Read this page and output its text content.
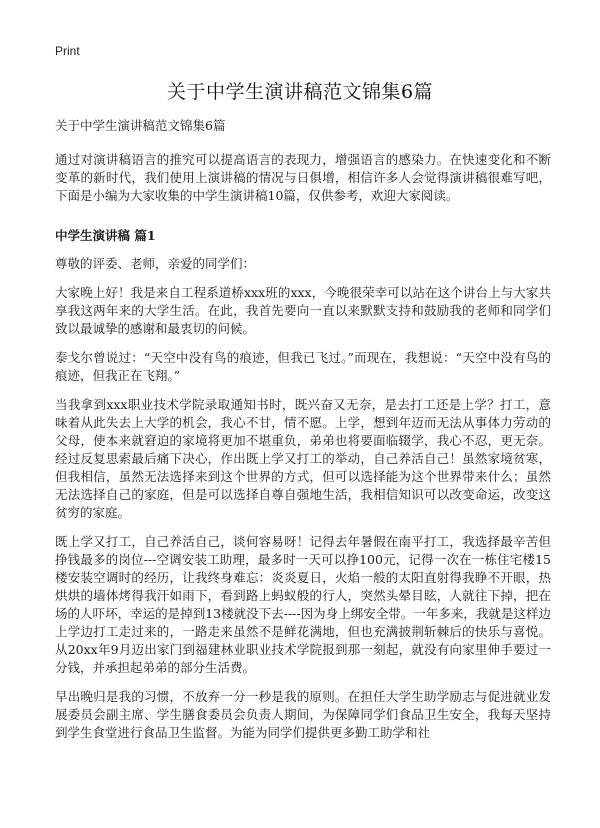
Print
关于中学生演讲稿范文锦集6篇

关于中学生演讲稿范文锦集6篇

通过对演讲稿语言的推究可以提高语言的表现力，增强语言的感染力。在快速变化和不断变革的新时代，我们使用上演讲稿的情况与日俱增，相信许多人会觉得演讲稿很难写吧，下面是小编为大家收集的中学生演讲稿10篇，仅供参考，欢迎大家阅读。

中学生演讲稿 篇1

尊敬的评委、老师，亲爱的同学们：

大家晚上好！我是来自工程系道桥xxx班的xxx，今晚很荣幸可以站在这个讲台上与大家共享我这两年来的大学生活。在此，我首先要向一直以来默默支持和鼓励我的老师和同学们致以最诚挚的感谢和最衷切的问候。

泰戈尔曾说过：“天空中没有鸟的痕迹，但我已飞过。”而现在，我想说：“天空中没有鸟的痕迹，但我正在飞翔。”

当我拿到xxx职业技术学院录取通知书时，既兴奋又无奈，是去打工还是上学？打工，意味着从此失去上大学的机会，我心不甘，情不愿。上学，想到年迈而无法从事体力劳动的父母，使本来就窘迫的家境将更加不堪重负，弟弟也将要面临辍学，我心不忍，更无奈。经过反复思索最后痛下决心，作出既上学又打工的举动，自己养活自己！虽然家境贫寒，但我相信，虽然无法选择来到这个世界的方式，但可以选择能为这个世界带来什么；虽然无法选择自己的家庭，但是可以选择自尊自强地生活，我相信知识可以改变命运，改变这贫穷的家庭。

既上学又打工，自己养活自己，谈何容易呀！记得去年暑假在南平打工，我选择最辛苦但挣钱最多的岗位---空调安装工助理，最多时一天可以挣100元，记得一次在一栋住宅楼15楼安装空调时的经历，让我终身难忘：炎炎夏日，火焰一般的太阳直射得我睁不开眼，热烘烘的墙体烤得我汗如雨下，看到路上蚂蚁般的行人，突然头晕目眩，人就往下掉，把在场的人吓坏，幸运的是掉到13楼就没下去----因为身上绑安全带。一年多来，我就是这样边上学边打工走过来的，一路走来虽然不是鲜花满地，但也充满披荆斩棘后的快乐与喜悦。从20xx年9月迈出家门到福建林业职业技术学院报到那一刻起，就没有向家里伸手要过一分钱，并承担起弟弟的部分生活费。

早出晚归是我的习惯，不放弃一分一秒是我的原则。在担任大学生助学励志与促进就业发展委员会副主席、学生膳食委员会负责人期间，为保障同学们食品卫生安全，我每天坚持到学生食堂进行食品卫生监督。为能为同学们提供更多勤工助学和社
